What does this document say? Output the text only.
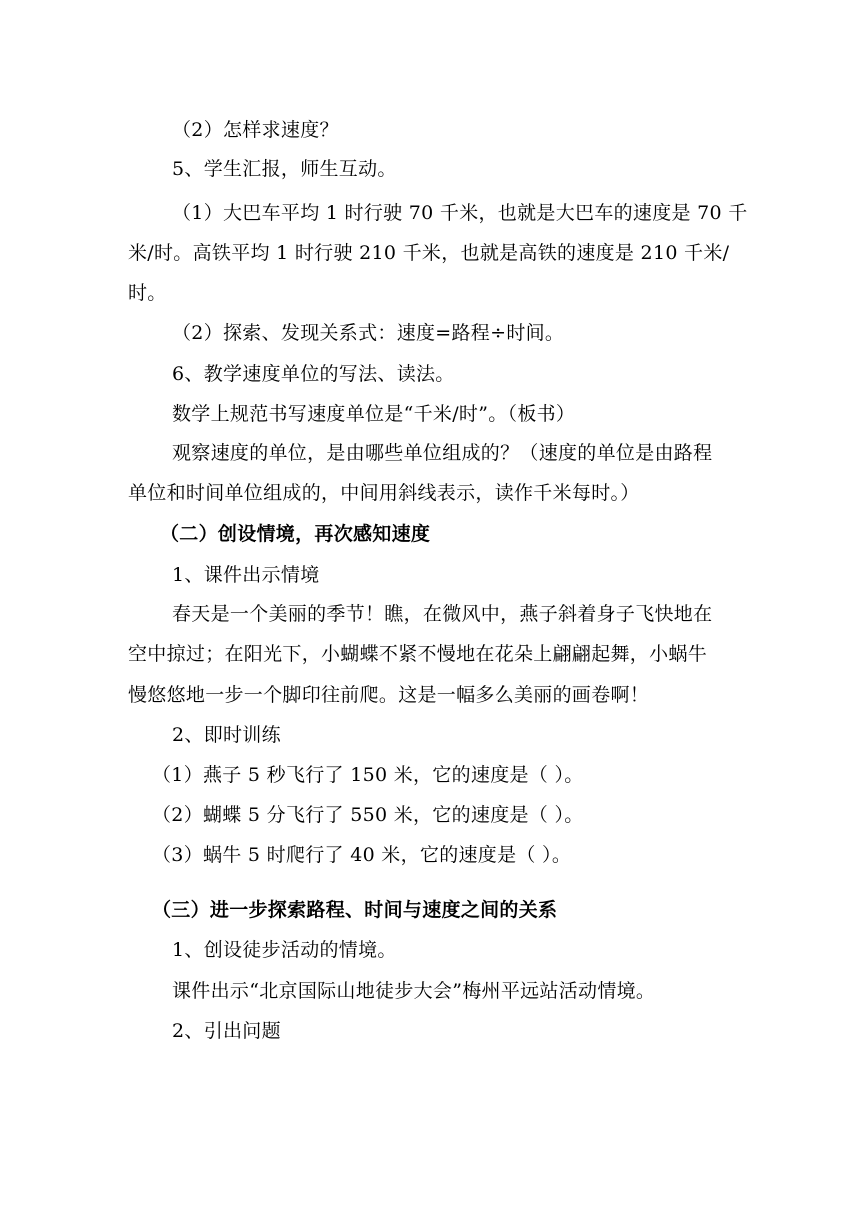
（2）怎样求速度？
5、学生汇报，师生互动。
（1）大巴车平均 1 时行驶 70 千米，也就是大巴车的速度是 70 千
米/时。高铁平均 1 时行驶 210 千米，也就是高铁的速度是 210 千米/
时。
（2）探索、发现关系式：速度=路程÷时间。
6、教学速度单位的写法、读法。
数学上规范书写速度单位是“千米/时”。（板书）
观察速度的单位，是由哪些单位组成的？（速度的单位是由路程
单位和时间单位组成的，中间用斜线表示，读作千米每时。）
（二）创设情境，再次感知速度
1、课件出示情境
春天是一个美丽的季节！瞧，在微风中，燕子斜着身子飞快地在
空中掠过；在阳光下，小蝴蝶不紧不慢地在花朵上翩翩起舞，小蜗牛
慢悠悠地一步一个脚印往前爬。这是一幅多么美丽的画卷啊！
2、即时训练
（1）燕子 5 秒飞行了 150 米，它的速度是（ ）。
（2）蝴蝶 5 分飞行了 550 米，它的速度是（ ）。
（3）蜗牛 5 时爬行了 40 米，它的速度是（ ）。
（三）进一步探索路程、时间与速度之间的关系
1、创设徒步活动的情境。
课件出示“北京国际山地徒步大会”梅州平远站活动情境。
2、引出问题
